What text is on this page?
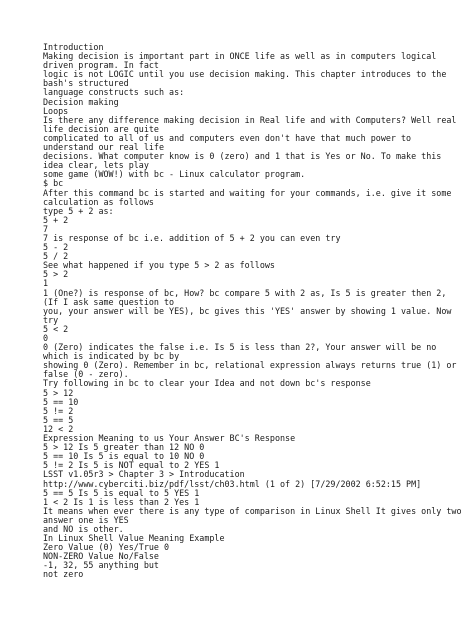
Introduction
Making decision is important part in ONCE life as well as in computers logical
driven program. In fact
logic is not LOGIC until you use decision making. This chapter introduces to the
bash's structured
language constructs such as:
Decision making
Loops
Is there any difference making decision in Real life and with Computers? Well real
life decision are quite
complicated to all of us and computers even don't have that much power to
understand our real life
decisions. What computer know is 0 (zero) and 1 that is Yes or No. To make this
idea clear, lets play
some game (WOW!) with bc - Linux calculator program.
$ bc
After this command bc is started and waiting for your commands, i.e. give it some
calculation as follows
type 5 + 2 as:
5 + 2
7
7 is response of bc i.e. addition of 5 + 2 you can even try
5 - 2
5 / 2
See what happened if you type 5 > 2 as follows
5 > 2
1
1 (One?) is response of bc, How? bc compare 5 with 2 as, Is 5 is greater then 2,
(If I ask same question to
you, your answer will be YES), bc gives this 'YES' answer by showing 1 value. Now
try
5 < 2
0
0 (Zero) indicates the false i.e. Is 5 is less than 2?, Your answer will be no
which is indicated by bc by
showing 0 (Zero). Remember in bc, relational expression always returns true (1) or
false (0 - zero).
Try following in bc to clear your Idea and not down bc's response
5 > 12
5 == 10
5 != 2
5 == 5
12 < 2
Expression Meaning to us Your Answer BC's Response
5 > 12 Is 5 greater than 12 NO 0
5 == 10 Is 5 is equal to 10 NO 0
5 != 2 Is 5 is NOT equal to 2 YES 1
LSST v1.05r3 > Chapter 3 > Introducation
http://www.cyberciti.biz/pdf/lsst/ch03.html (1 of 2) [7/29/2002 6:52:15 PM]
5 == 5 Is 5 is equal to 5 YES 1
1 < 2 Is 1 is less than 2 Yes 1
It means when ever there is any type of comparison in Linux Shell It gives only two
answer one is YES
and NO is other.
In Linux Shell Value Meaning Example
Zero Value (0) Yes/True 0
NON-ZERO Value No/False
-1, 32, 55 anything but
not zero
